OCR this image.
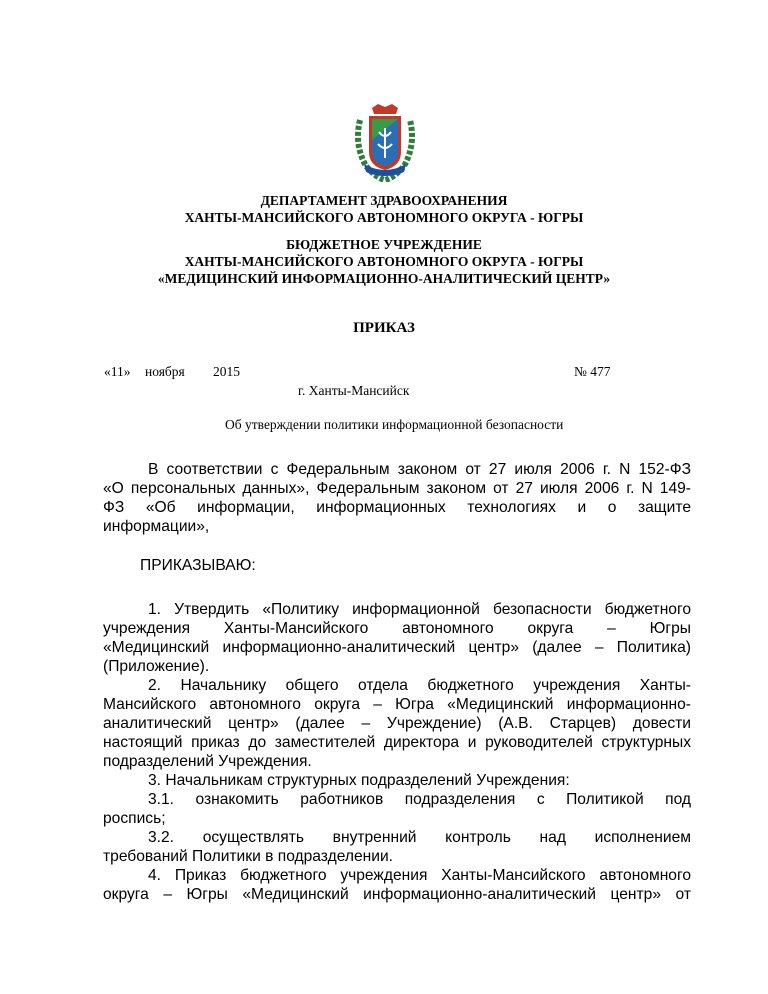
ДЕПАРТАМЕНТ ЗДРАВООХРАНЕНИЯ
ХАНТЫ-МАНСИЙСКОГО АВТОНОМНОГО ОКРУГА - ЮГРЫ
БЮДЖЕТНОЕ УЧРЕЖДЕНИЕ
ХАНТЫ-МАНСИЙСКОГО АВТОНОМНОГО ОКРУГА - ЮГРЫ
«МЕДИЦИНСКИЙ ИНФОРМАЦИОННО-АНАЛИТИЧЕСКИЙ ЦЕНТР»
ПРИКАЗ
«11» ноября 2015	№ 477
г. Ханты-Мансийск
Об утверждении политики информационной безопасности
В соответствии с Федеральным законом от 27 июля 2006 г. N 152-ФЗ
«О персональных данных», Федеральным законом от 27 июля 2006 г. N 149-
ФЗ «Об информации, информационных технологиях и о защите
информации»,
ПРИКАЗЫВАЮ:
1. Утвердить «Политику информационной безопасности бюджетного
учреждения Ханты-Мансийского автономного округа – Югры
«Медицинский информационно-аналитический центр» (далее – Политика)
(Приложение).
2. Начальнику общего отдела бюджетного учреждения Ханты-
Мансийского автономного округа – Югра «Медицинский информационно-
аналитический центр» (далее – Учреждение) (А.В. Старцев) довести
настоящий приказ до заместителей директора и руководителей структурных
подразделений Учреждения.
3. Начальникам структурных подразделений Учреждения:
3.1. ознакомить работников подразделения с Политикой под
роспись;
3.2. осуществлять внутренний контроль над исполнением
требований Политики в подразделении.
4. Приказ бюджетного учреждения Ханты-Мансийского автономного
округа – Югры «Медицинский информационно-аналитический центр» от
